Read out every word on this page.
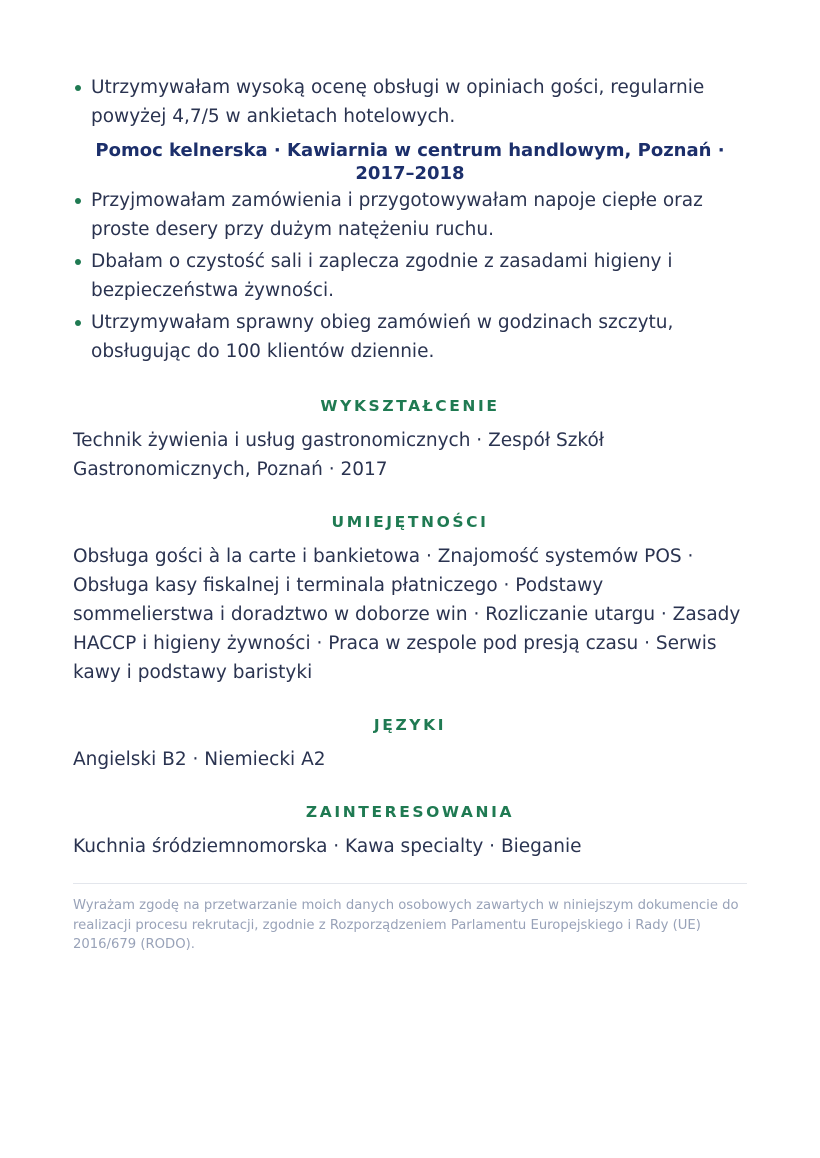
Utrzymywałam wysoką ocenę obsługi w opiniach gości, regularnie powyżej 4,7/5 w ankietach hotelowych.
Pomoc kelnerska · Kawiarnia w centrum handlowym, Poznań · 2017–2018
Przyjmowałam zamówienia i przygotowywałam napoje ciepłe oraz proste desery przy dużym natężeniu ruchu.
Dbałam o czystość sali i zaplecza zgodnie z zasadami higieny i bezpieczeństwa żywności.
Utrzymywałam sprawny obieg zamówień w godzinach szczytu, obsługując do 100 klientów dziennie.
WYKSZTAŁCENIE
Technik żywienia i usług gastronomicznych · Zespół Szkół Gastronomicznych, Poznań · 2017
UMIEJĘTNOŚCI
Obsługa gości à la carte i bankietowa · Znajomość systemów POS · Obsługa kasy fiskalnej i terminala płatniczego · Podstawy sommelierstwa i doradztwo w doborze win · Rozliczanie utargu · Zasady HACCP i higieny żywności · Praca w zespole pod presją czasu · Serwis kawy i podstawy baristyki
JĘZYKI
Angielski B2 · Niemiecki A2
ZAINTERESOWANIA
Kuchnia śródziemnomorska · Kawa specialty · Bieganie
Wyrażam zgodę na przetwarzanie moich danych osobowych zawartych w niniejszym dokumencie do realizacji procesu rekrutacji, zgodnie z Rozporządzeniem Parlamentu Europejskiego i Rady (UE) 2016/679 (RODO).
